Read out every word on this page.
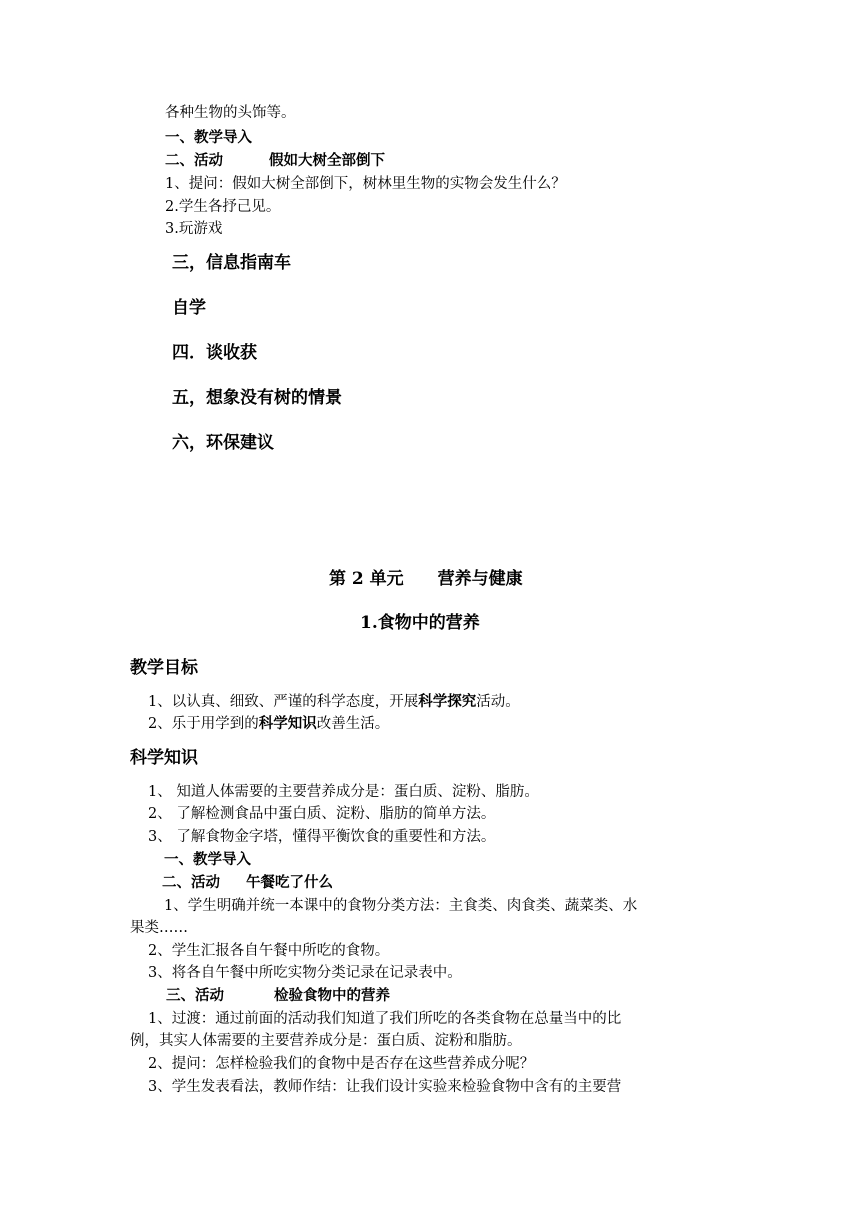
各种生物的头饰等。
一、教学导入
二、活动	假如大树全部倒下
1、提问：假如大树全部倒下，树林里生物的实物会发生什么？
2.学生各抒己见。
3.玩游戏
三，信息指南车
自学
四．谈收获
五，想象没有树的情景
六，环保建议
第 2 单元 营养与健康
1.食物中的营养
教学目标
1、以认真、细致、严谨的科学态度，开展科学探究活动。
2、乐于用学到的科学知识改善生活。
科学知识
1、 知道人体需要的主要营养成分是：蛋白质、淀粉、脂肪。
2、 了解检测食品中蛋白质、淀粉、脂肪的简单方法。
3、 了解食物金字塔，懂得平衡饮食的重要性和方法。
一、教学导入
二、活动 午餐吃了什么
1、学生明确并统一本课中的食物分类方法：主食类、肉食类、蔬菜类、水
果类……
2、学生汇报各自午餐中所吃的食物。
3、将各自午餐中所吃实物分类记录在记录表中。
三、活动	检验食物中的营养
1、过渡：通过前面的活动我们知道了我们所吃的各类食物在总量当中的比
例，其实人体需要的主要营养成分是：蛋白质、淀粉和脂肪。
2、提问：怎样检验我们的食物中是否存在这些营养成分呢？
3、学生发表看法，教师作结：让我们设计实验来检验食物中含有的主要营
